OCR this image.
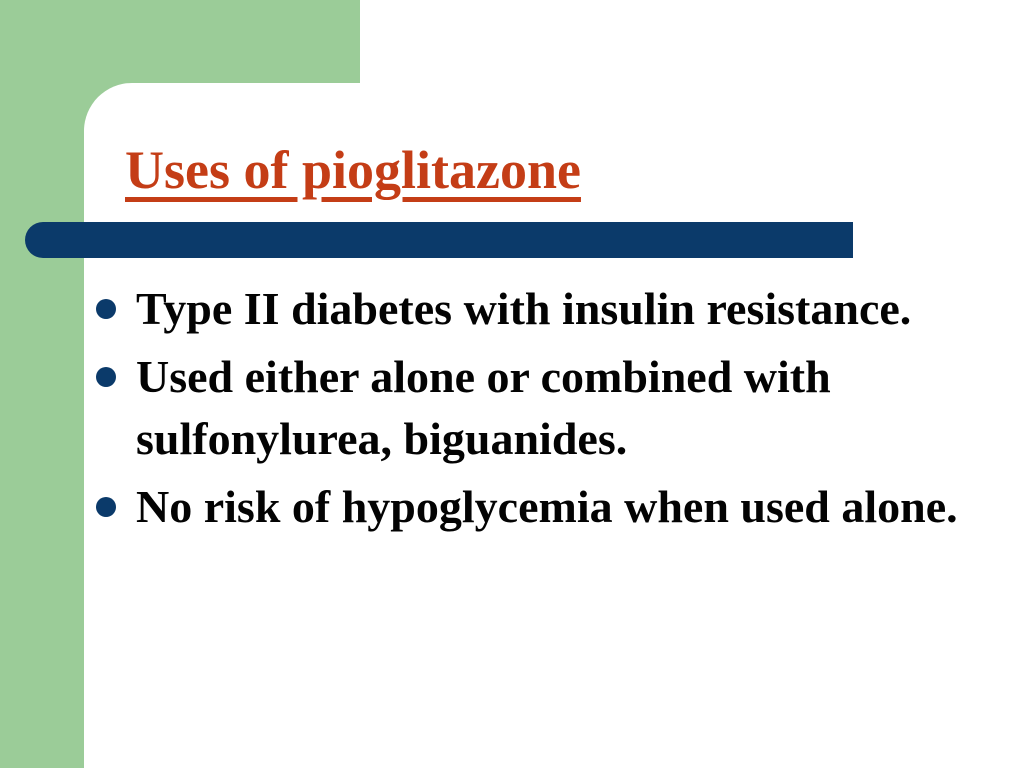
Uses of pioglitazone
Type II diabetes with insulin resistance.
Used either alone or combined with
sulfonylurea, biguanides.
No risk of hypoglycemia when used alone.
